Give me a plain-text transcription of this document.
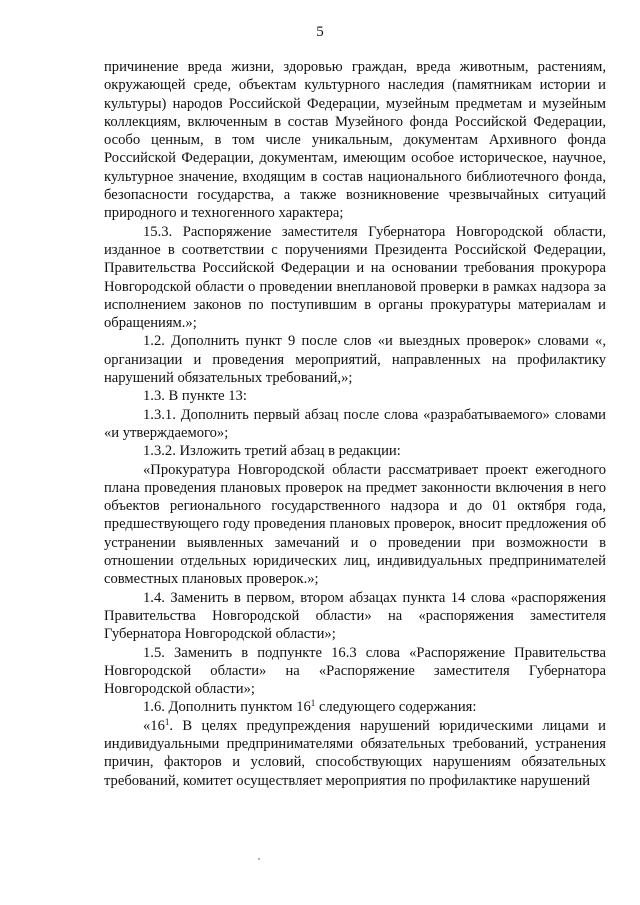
5

причинение вреда жизни, здоровью граждан, вреда животным, растениям, окружающей среде, объектам культурного наследия (памятникам истории и культуры) народов Российской Федерации, музейным предметам и музейным коллекциям, включенным в состав Музейного фонда Российской Федерации, особо ценным, в том числе уникальным, документам Архивного фонда Российской Федерации, документам, имеющим особое историческое, научное, культурное значение, входящим в состав национального библиотечного фонда, безопасности государства, а также возникновение чрезвычайных ситуаций природного и техногенного характера;

15.3. Распоряжение заместителя Губернатора Новгородской области, изданное в соответствии с поручениями Президента Российской Федерации, Правительства Российской Федерации и на основании требования прокурора Новгородской области о проведении внеплановой проверки в рамках надзора за исполнением законов по поступившим в органы прокуратуры материалам и обращениям.»;

1.2. Дополнить пункт 9 после слов «и выездных проверок» словами «, организации и проведения мероприятий, направленных на профилактику нарушений обязательных требований,»;

1.3. В пункте 13:

1.3.1. Дополнить первый абзац после слова «разрабатываемого» словами «и утверждаемого»;

1.3.2. Изложить третий абзац в редакции:

«Прокуратура Новгородской области рассматривает проект ежегодного плана проведения плановых проверок на предмет законности включения в него объектов регионального государственного надзора и до 01 октября года, предшествующего году проведения плановых проверок, вносит предложения об устранении выявленных замечаний и о проведении при возможности в отношении отдельных юридических лиц, индивидуальных предпринимателей совместных плановых проверок.»;

1.4. Заменить в первом, втором абзацах пункта 14 слова «распоряжения Правительства Новгородской области» на «распоряжения заместителя Губернатора Новгородской области»;

1.5. Заменить в подпункте 16.3 слова «Распоряжение Правительства Новгородской области» на «Распоряжение заместителя Губернатора Новгородской области»;

1.6. Дополнить пунктом $16^1$ следующего содержания:

«$16^1$. В целях предупреждения нарушений юридическими лицами и индивидуальными предпринимателями обязательных требований, устранения причин, факторов и условий, способствующих нарушениям обязательных требований, комитет осуществляет мероприятия по профилактике нарушений
